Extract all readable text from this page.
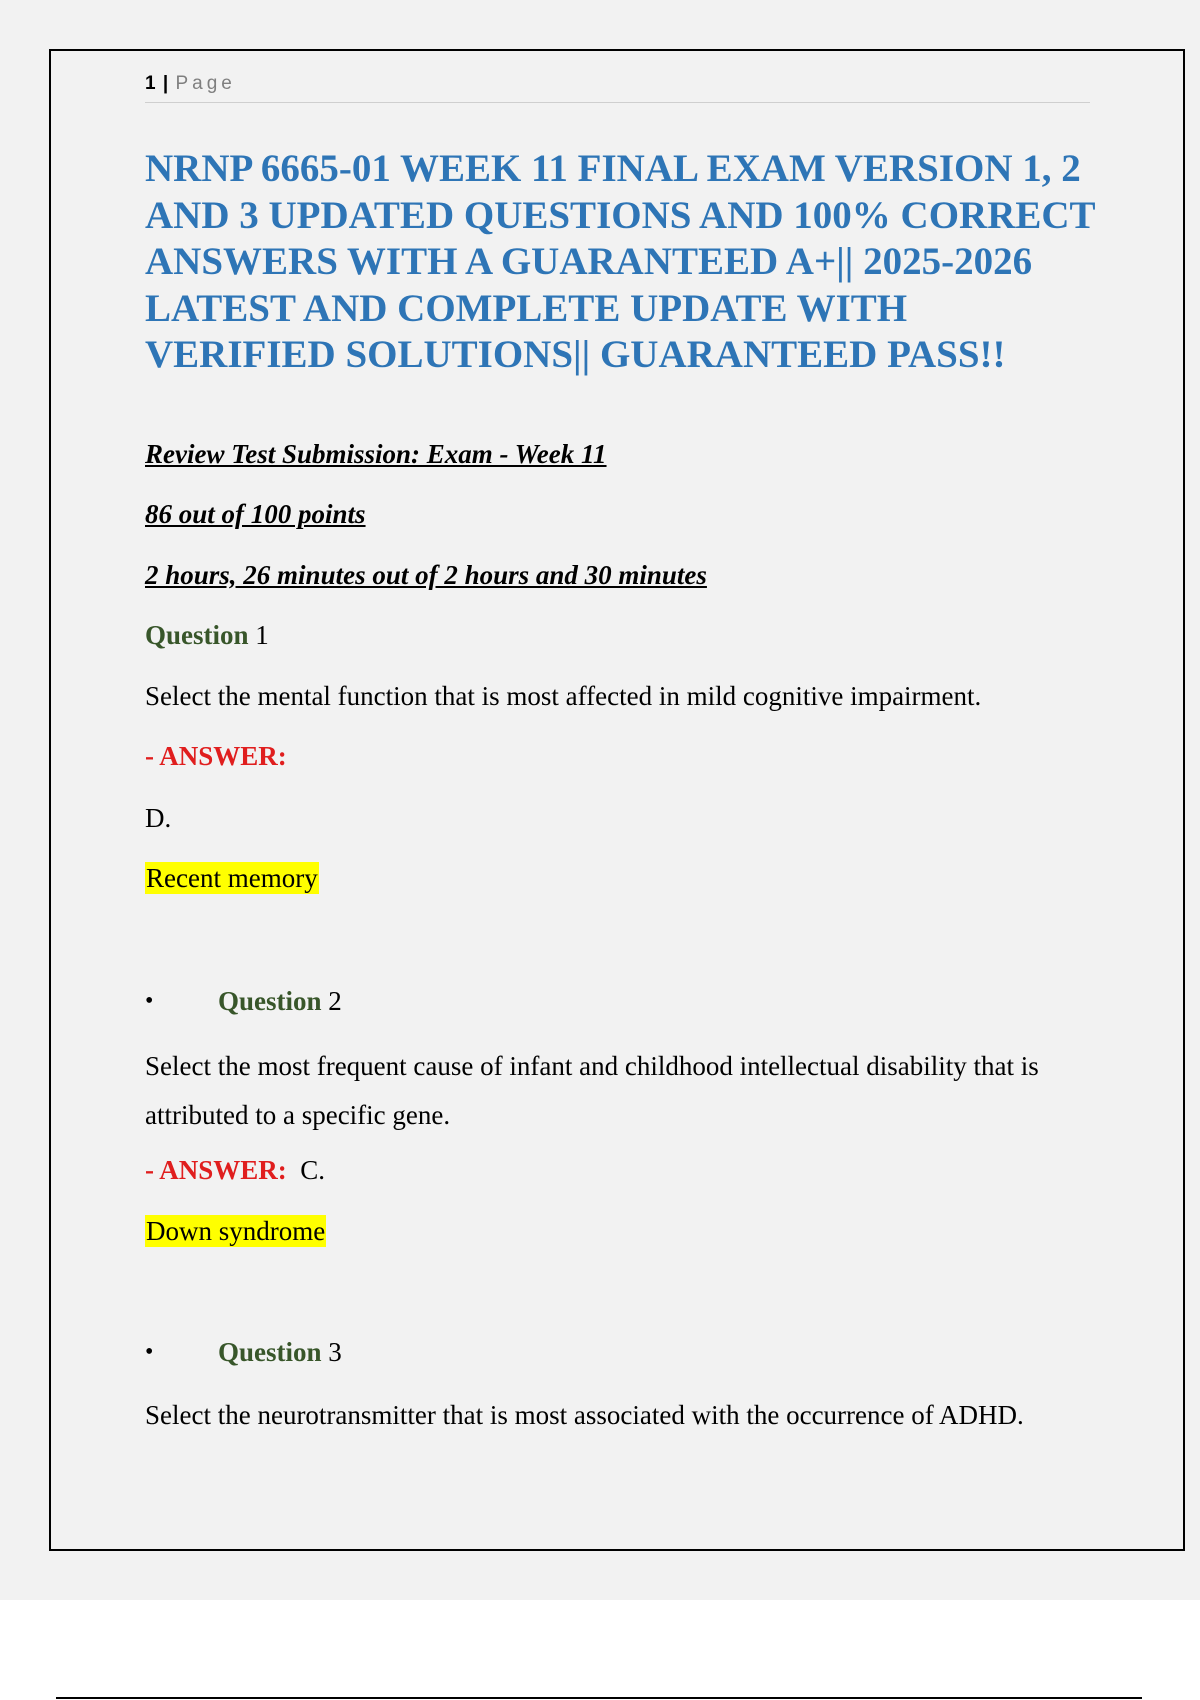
1 | Page
NRNP 6665-01 WEEK 11 FINAL EXAM VERSION 1, 2 AND 3 UPDATED QUESTIONS AND 100% CORRECT ANSWERS WITH A GUARANTEED A+|| 2025-2026 LATEST AND COMPLETE UPDATE WITH VERIFIED SOLUTIONS|| GUARANTEED PASS!!
Review Test Submission: Exam - Week 11
86 out of 100 points
2 hours, 26 minutes out of 2 hours and 30 minutes
Question 1
Select the mental function that is most affected in mild cognitive impairment.
- ANSWER:
D.
Recent memory
• Question 2
Select the most frequent cause of infant and childhood intellectual disability that is attributed to a specific gene.
- ANSWER: C.
Down syndrome
• Question 3
Select the neurotransmitter that is most associated with the occurrence of ADHD.
